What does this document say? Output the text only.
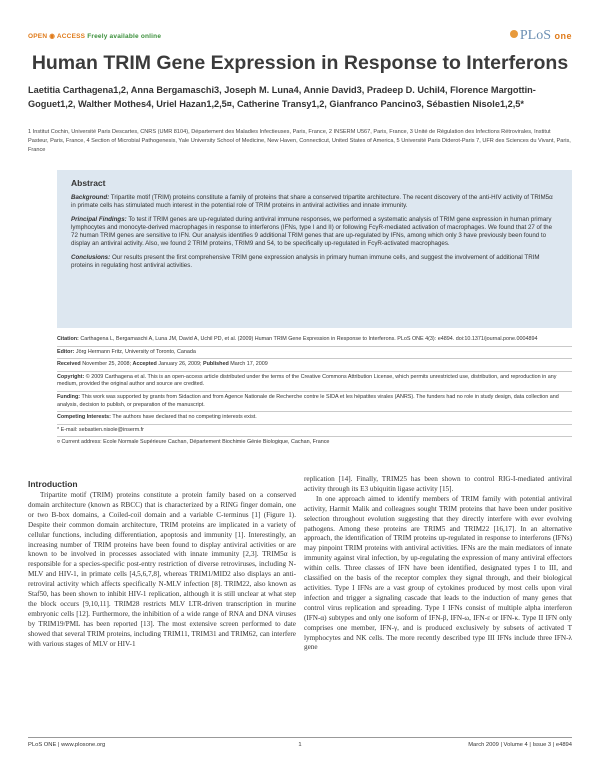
OPEN ◉ ACCESS Freely available online	PLoS one
Human TRIM Gene Expression in Response to Interferons
Laetitia Carthagena1,2, Anna Bergamaschi3, Joseph M. Luna4, Annie David3, Pradeep D. Uchil4, Florence Margottin-Goguet1,2, Walther Mothes4, Uriel Hazan1,2,5¤, Catherine Transy1,2, Gianfranco Pancino3, Sébastien Nisole1,2,5*
1 Institut Cochin, Université Paris Descartes, CNRS (UMR 8104), Département des Maladies Infectieuses, Paris, France, 2 INSERM U567, Paris, France, 3 Unité de Régulation des Infections Rétrovirales, Institut Pasteur, Paris, France, 4 Section of Microbial Pathogenesis, Yale University School of Medicine, New Haven, Connecticut, United States of America, 5 Université Paris Diderot-Paris 7, UFR des Sciences du Vivant, Paris, France
Abstract

Background: Tripartite motif (TRIM) proteins constitute a family of proteins that share a conserved tripartite architecture. The recent discovery of the anti-HIV activity of TRIM5α in primate cells has stimulated much interest in the potential role of TRIM proteins in antiviral activities and innate immunity.

Principal Findings: To test if TRIM genes are up-regulated during antiviral immune responses, we performed a systematic analysis of TRIM gene expression in human primary lymphocytes and monocyte-derived macrophages in response to interferons (IFNs, type I and II) or following FcγR-mediated activation of macrophages. We found that 27 of the 72 human TRIM genes are sensitive to IFN. Our analysis identifies 9 additional TRIM genes that are up-regulated by IFNs, among which only 3 have previously been found to display an antiviral activity. Also, we found 2 TRIM proteins, TRIM9 and 54, to be specifically up-regulated in FcγR-activated macrophages.

Conclusions: Our results present the first comprehensive TRIM gene expression analysis in primary human immune cells, and suggest the involvement of additional TRIM proteins in regulating host antiviral activities.

Citation: Carthagena L, Bergamaschi A, Luna JM, David A, Uchil PD, et al. (2009) Human TRIM Gene Expression in Response to Interferons. PLoS ONE 4(3): e4894. doi:10.1371/journal.pone.0004894
Editor: Jörg Hermann Fritz, University of Toronto, Canada
Received November 25, 2008; Accepted January 26, 2009; Published March 17, 2009
Copyright: © 2009 Carthagena et al. This is an open-access article distributed under the terms of the Creative Commons Attribution License, which permits unrestricted use, distribution, and reproduction in any medium, provided the original author and source are credited.
Funding: This work was supported by grants from Sidaction and from Agence Nationale de Recherche contre le SIDA et les hépatites virales (ANRS). The funders had no role in study design, data collection and analysis, decision to publish, or preparation of the manuscript.
Competing Interests: The authors have declared that no competing interests exist.
* E-mail: sebastien.nisole@inserm.fr
¤ Current address: Ecole Normale Supérieure Cachan, Département Biochimie Génie Biologique, Cachan, France
Introduction

Tripartite motif (TRIM) proteins constitute a protein family based on a conserved domain architecture (known as RBCC) that is characterized by a RING finger domain, one or two B-box domains, a Coiled-coil domain and a variable C-terminus [1] (Figure 1). Despite their common domain architecture, TRIM proteins are implicated in a variety of cellular functions, including differentiation, apoptosis and immunity [1]. Interestingly, an increasing number of TRIM proteins have been found to display antiviral activities or are known to be involved in processes associated with innate immunity [2,3]. TRIM5α is responsible for a species-specific post-entry restriction of diverse retroviruses, including N-MLV and HIV-1, in primate cells [4,5,6,7,8], whereas TRIM1/MID2 also displays an anti-retroviral activity which affects specifically N-MLV infection [8]. TRIM22, also known as Staf50, has been shown to inhibit HIV-1 replication, although it is still unclear at what step the block occurs [9,10,11]. TRIM28 restricts MLV LTR-driven transcription in murine embryonic cells [12]. Furthermore, the inhibition of a wide range of RNA and DNA viruses by TRIM19/PML has been reported [13]. The most extensive screen performed to date showed that several TRIM proteins, including TRIM11, TRIM31 and TRIM62, can interfere with various stages of MLV or HIV-1

replication [14]. Finally, TRIM25 has been shown to control RIG-I-mediated antiviral activity through its E3 ubiquitin ligase activity [15].

In one approach aimed to identify members of TRIM family with potential antiviral activity, Harmit Malik and colleagues sought TRIM proteins that have been under positive selection throughout evolution suggesting that they directly interfere with ever evolving pathogens. Among these proteins are TRIM5 and TRIM22 [16,17]. In an alternative approach, the identification of TRIM proteins up-regulated in response to interferons (IFNs) may pinpoint TRIM proteins with antiviral activities. IFNs are the main mediators of innate immunity against viral infection, by up-regulating the expression of many antiviral effectors within cells. Three classes of IFN have been identified, designated types I to III, and classified on the basis of the receptor complex they signal through, and their biological activities. Type I IFNs are a vast group of cytokines produced by most cells upon viral infection and trigger a signaling cascade that leads to the induction of many genes that control virus replication and spreading. Type I IFNs consist of multiple alpha interferon (IFN-α) subtypes and only one isoform of IFN-β, IFN-ω, IFN-ε or IFN-κ. Type II IFN only comprises one member, IFN-γ, and is produced exclusively by subsets of activated T lymphocytes and NK cells. The more recently described type III IFNs include three IFN-λ gene

PLoS ONE | www.plosone.org	1	March 2009 | Volume 4 | Issue 3 | e4894
